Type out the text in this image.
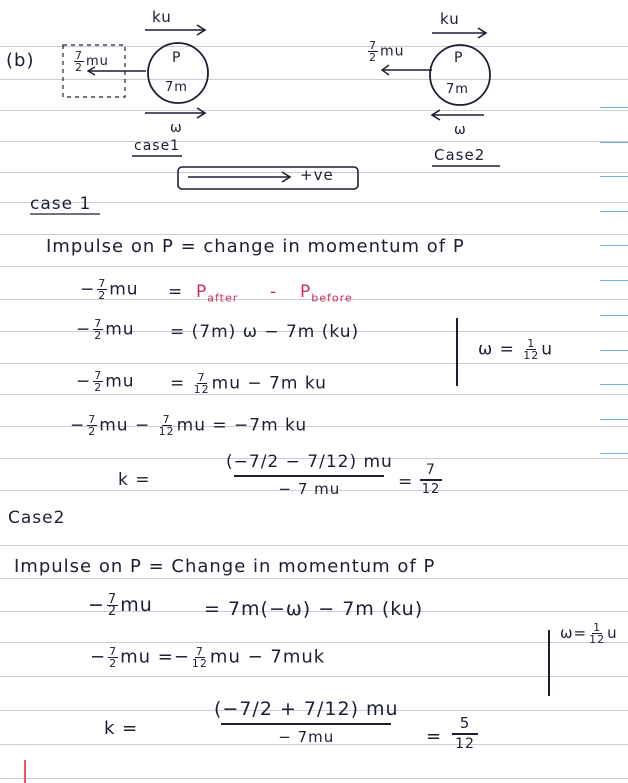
(b)
ku
$\frac{7}{2}$ mu	P
7m
ω
case1
ku
$\frac{7}{2}$ mu	P
7m
ω
Case2
+ve
case 1
Impulse on P = change in momentum of P
− $\frac{7}{2}$ mu = $P_{after} - P_{before}$
− $\frac{7}{2}$ mu = (7m) ω − 7m (ku)
− $\frac{7}{2}$ mu = $\frac{7}{12}$ mu − 7m ku
− $\frac{7}{2}$ mu − $\frac{7}{12}$ mu = −7m ku
k =
(−7/2 − 7/12) mu
− 7 mu	=
7
12
$\omega = \frac{1}{12}$ u
Case2
Impulse on P = Change in momentum of P
− $\frac{7}{2}$ mu	= 7m(−ω) − 7m (ku)
− $\frac{7}{2}$ mu =− $\frac{7}{12}$ mu − 7muk
k =
(−7/2 + 7/12) mu
− 7mu	=
5
12
$\omega= \frac{1}{12}$ u
